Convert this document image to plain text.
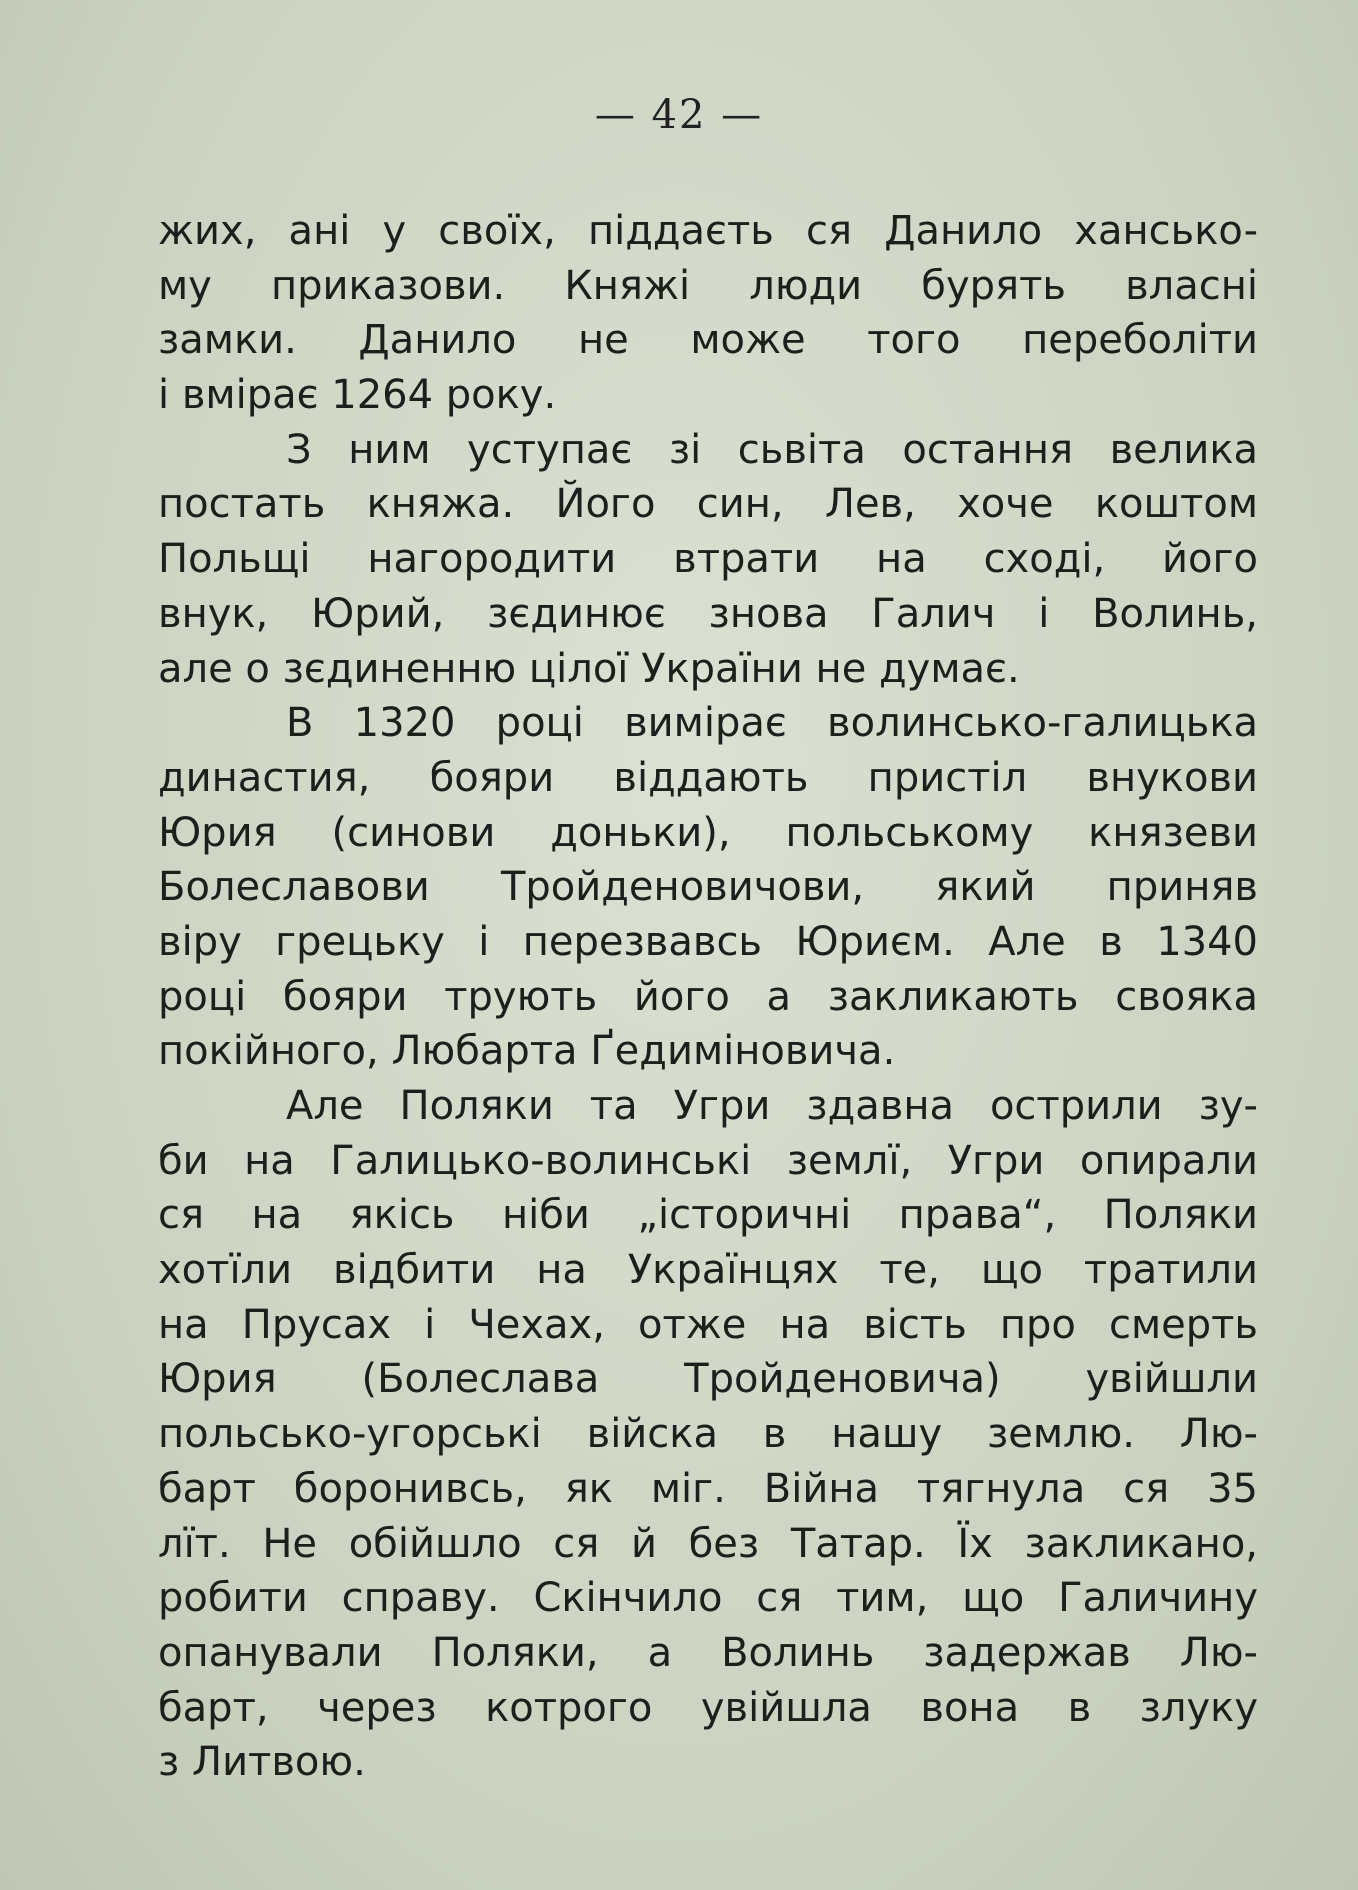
— 42 —
жих, ані у своїх, піддаєть ся Данило ханськo-
му приказови. Княжі люди бурять власні
замки. Данило не може того переболіти
і вмірає 1264 року.
З ним уступає зі сьвіта остання велика
постать княжа. Його син, Лев, хоче коштом
Польщі нагородити втрати на сході, його
внук, Юрий, зєдинює знова Галич і Волинь,
але о зєдиненню цілої України не думає.
В 1320 році вимірає волинсько-галицька
династия, бояри віддають пристіл внукови
Юрия (синови доньки), польському князеви
Болеславови Тройденовичови, який приняв
віру грецьку і перезвавсь Юриєм. Але в 1340
році бояри трують його а закликають свояка
покійного, Любарта Ґедиміновича.
Але Поляки та Угри здавна острили зу-
би на Галицько-волинські землї, Угри опирали
ся на якісь ніби „історичні права“, Поляки
хотїли відбити на Українцях те, що тратили
на Прусах і Чехах, отже на вість про смерть
Юрия (Болеслава Тройденовича) увійшли
польсько-угорські війска в нашу землю. Лю-
барт боронивсь, як міг. Війна тягнула ся 35
лїт. Не обійшло ся й без Татар. Їх закликано,
робити справу. Скінчило ся тим, що Галичину
опанували Поляки, а Волинь задержав Лю-
барт, через котрого увійшла вона в злуку
з Литвою.
